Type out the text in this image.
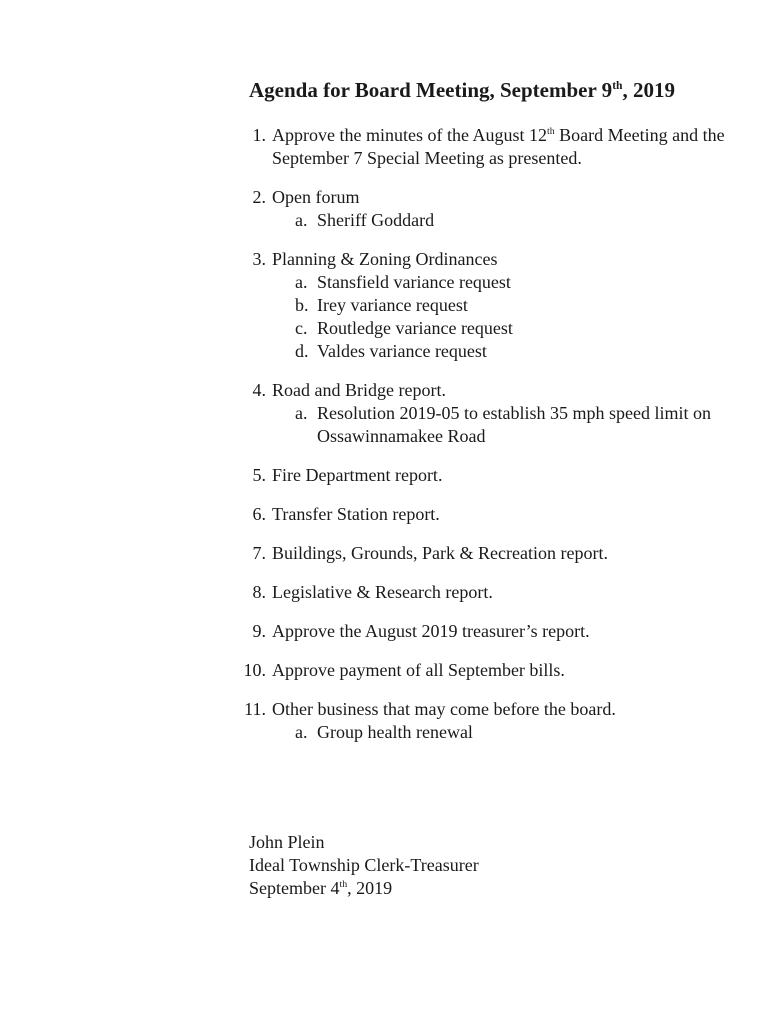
Agenda for Board Meeting, September 9th, 2019
1. Approve the minutes of the August 12th Board Meeting and the September 7 Special Meeting as presented.
2. Open forum
a. Sheriff Goddard
3. Planning & Zoning Ordinances
a. Stansfield variance request
b. Irey variance request
c. Routledge variance request
d. Valdes variance request
4. Road and Bridge report.
a. Resolution 2019-05 to establish 35 mph speed limit on Ossawinnamakee Road
5. Fire Department report.
6. Transfer Station report.
7. Buildings, Grounds, Park & Recreation report.
8. Legislative & Research report.
9. Approve the August 2019 treasurer’s report.
10. Approve payment of all September bills.
11. Other business that may come before the board.
a. Group health renewal
John Plein
Ideal Township Clerk-Treasurer
September 4th, 2019
